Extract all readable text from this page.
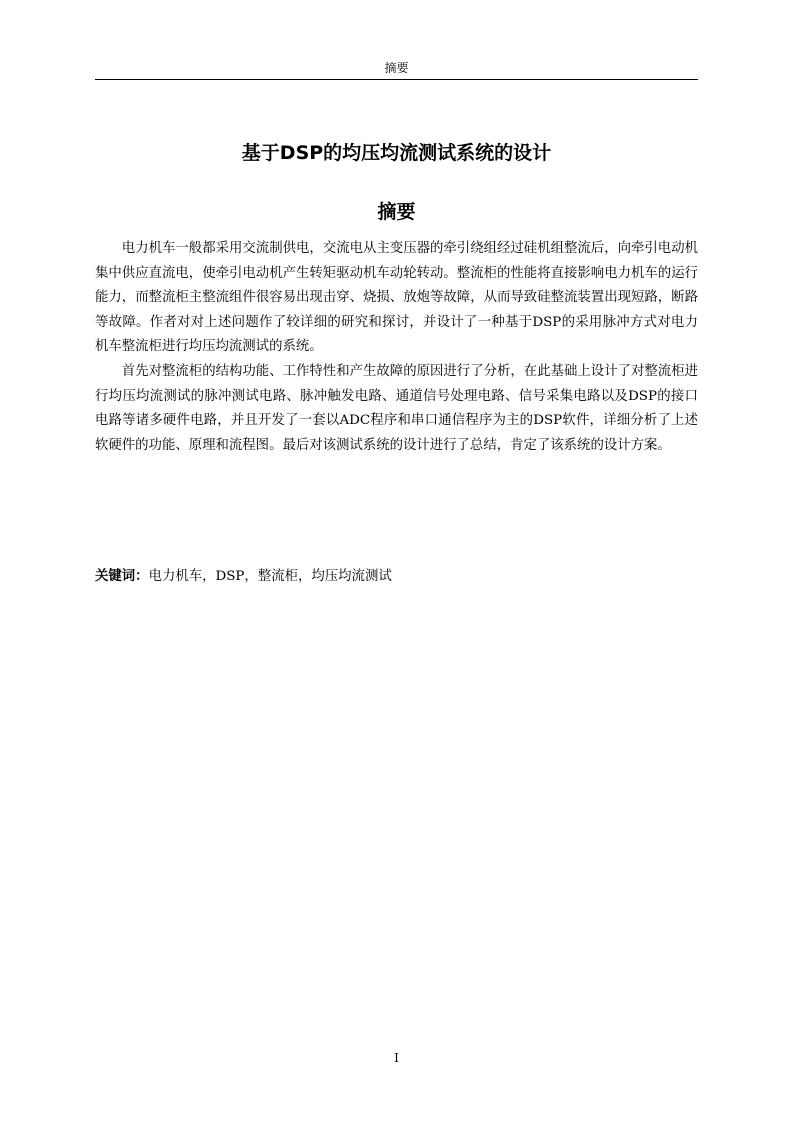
摘要
基于DSP的均压均流测试系统的设计
摘要

电力机车一般都采用交流制供电，交流电从主变压器的牵引绕组经过硅机组整流后，向牵引电动机集中供应直流电，使牵引电动机产生转矩驱动机车动轮转动。整流柜的性能将直接影响电力机车的运行能力，而整流柜主整流组件很容易出现击穿、烧损、放炮等故障，从而导致硅整流装置出现短路，断路等故障。作者对对上述问题作了较详细的研究和探讨，并设计了一种基于DSP的采用脉冲方式对电力机车整流柜进行均压均流测试的系统。

首先对整流柜的结构功能、工作特性和产生故障的原因进行了分析，在此基础上设计了对整流柜进行均压均流测试的脉冲测试电路、脉冲触发电路、通道信号处理电路、信号采集电路以及DSP的接口电路等诸多硬件电路，并且开发了一套以ADC程序和串口通信程序为主的DSP软件，详细分析了上述软硬件的功能、原理和流程图。最后对该测试系统的设计进行了总结，肯定了该系统的设计方案。

关键词：电力机车，DSP，整流柜，均压均流测试
I
